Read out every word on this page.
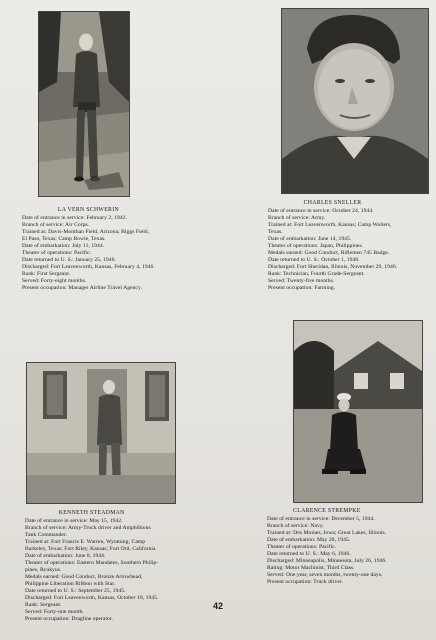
LA VERN SCHWERIN
Date of entrance in service: February 2, 1942.
Branch of service: Air Corps.
Trained at: Davis-Monthan Field, Arizona; Biggs Field,
El Paso, Texas; Camp Bowie, Texas.
Date of embarkation: July 11, 1944.
Theater of operations: Pacific.
Date returned to U. S.: January 25, 1946.
Discharged: Fort Leavenworth, Kansas, February 4, 1946.
Rank: First Sergeant.
Served: Forty-eight months.
Present occupation: Manager Airline Travel Agency.
CHARLES SNELLER
Date of entrance in service: October 24, 1944.
Branch of service: Army.
Trained at: Fort Leavenworth, Kansas; Camp Wolters,
Texas.
Date of embarkation: June 14, 1945.
Theater of operations: Japan, Philippines.
Medals earned: Good Conduct, Riflemen 745 Badge.
Date returned to U. S.: October 1, 1946.
Discharged: Fort Sheridan, Illinois, November 29, 1946.
Rank: Technician, Fourth Grade-Sergeant.
Served: Twenty-five months.
Present occupation: Farming.
KENNETH STEADMAN
Date of entrance in service: May 15, 1942.
Branch of service: Army-Truck driver and Amphibious
Tank Commander.
Trained at: Fort Francis E. Warren, Wyoming; Camp
Barkeley, Texas; Fort Riley, Kansas; Fort Ord, California
Date of embarkation: June 8, 1944.
Theater of operations: Eastern Mandates, Southern Philip-
pines, Ryukyus.
Medals earned: Good Conduct, Bronze Arrowhead,
Philippine Liberation Ribbon with Star.
Date returned to U. S.: September 25, 1945.
Discharged: Fort Leavenworth, Kansas, October 10, 1945.
Rank: Sergeant.
Served: Forty-one month.
Present occupation: Dragline operator.
CLARENCE STREMPKE
Date of entrance in service: December 5, 1944.
Branch of service: Navy.
Trained at: Des Moines, Iowa; Great Lakes, Illinois.
Date of embarkation: May 20, 1945.
Theater of operations: Pacific.
Date returned to U. S.: May 6, 1946.
Discharged: Minneapolis, Minnesota, July 26, 1946.
Rating: Motor Machinist, Third Class.
Served: One year, seven months, twenty-one days.
Present occupation: Truck driver.
42
